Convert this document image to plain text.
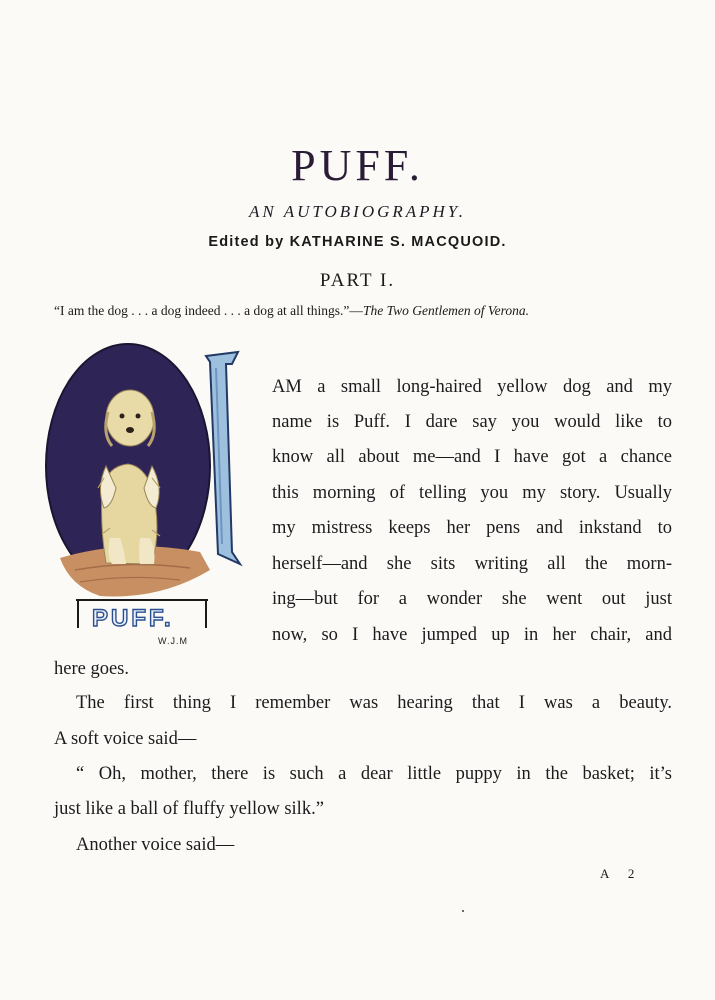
PUFF.
AN AUTOBIOGRAPHY.
Edited by KATHARINE S. MACQUOID.
PART I.
“I am the dog . . . a dog indeed . . . a dog at all things.”—The Two Gentlemen of Verona.
PUFF.
W.J.M
AM a small long-haired yellow dog and my
name is Puff. I dare say you would like to
know all about me—and I have got a chance
this morning of telling you my story. Usually
my mistress keeps her pens and inkstand to
herself—and she sits writing all the morn-
ing—but for a wonder she went out just
now, so I have jumped up in her chair, and
here goes.
The first thing I remember was hearing that I was a beauty.
A soft voice said—
“ Oh, mother, there is such a dear little puppy in the basket; it’s
just like a ball of fluffy yellow silk.”
Another voice said—
A 2
